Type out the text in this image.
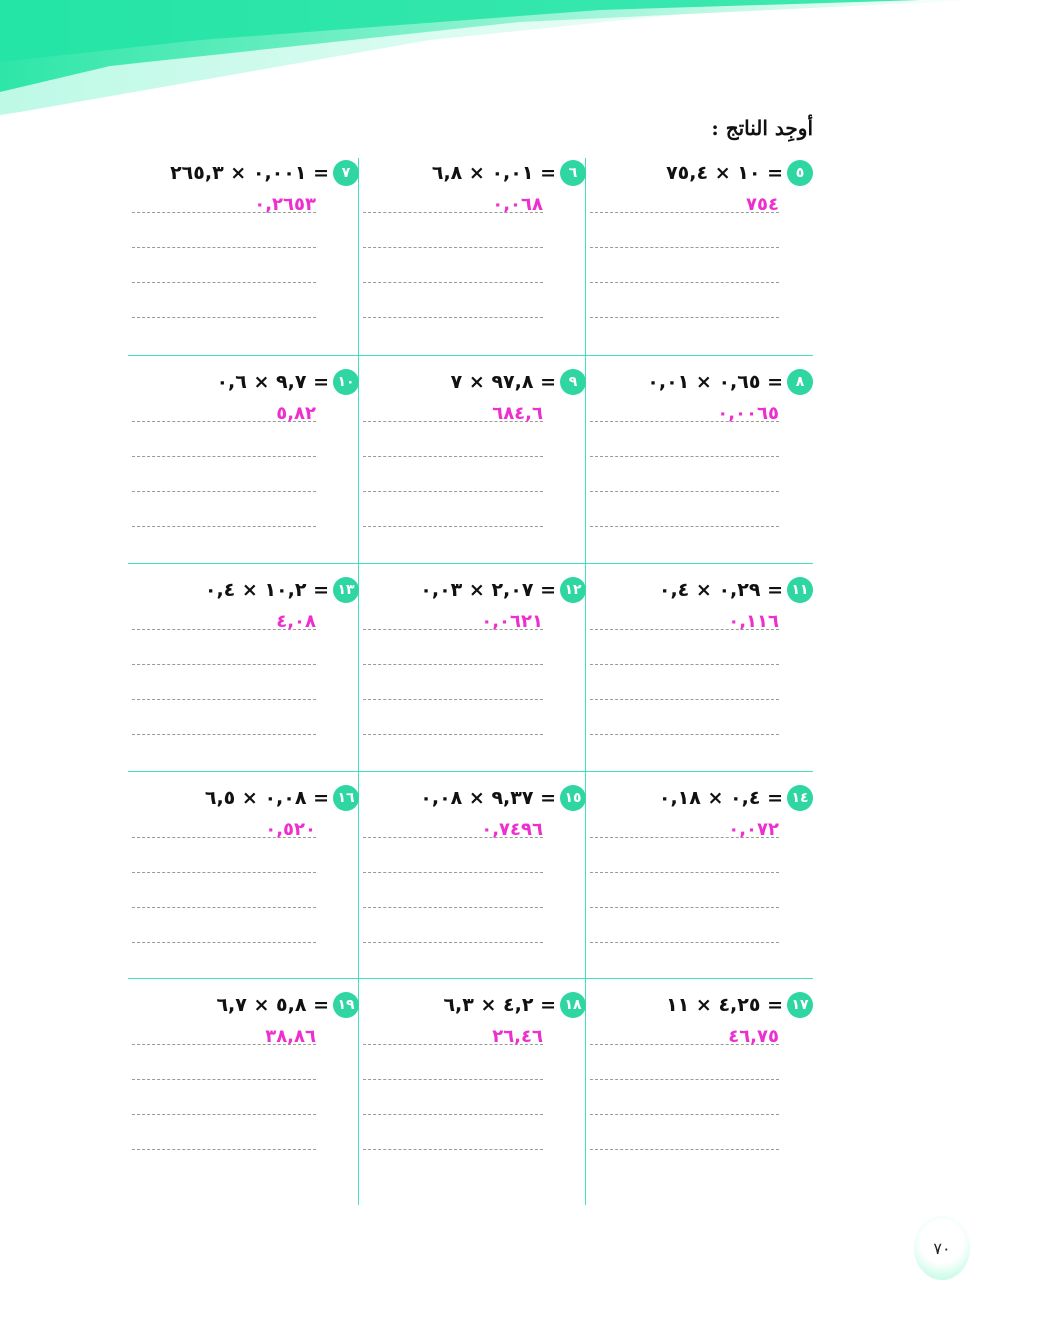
أوجِد الناتج :
٥
١٠ × ٧٥,٤ =
٧٥٤
٦
٠,٠١ × ٦,٨ =
٠,٠٦٨
٧
٠,٠٠١ × ٢٦٥,٣ =
٠,٢٦٥٣
٨
٠,٦٥ × ٠,٠١ =
٠,٠٠٦٥
٩
٩٧,٨ × ٧ =
٦٨٤,٦
١٠
٩,٧ × ٠,٦ =
٥,٨٢
١١
٠,٢٩ × ٠,٤ =
٠,١١٦
١٢
٢,٠٧ × ٠,٠٣ =
٠,٠٦٢١
١٣
١٠,٢ × ٠,٤ =
٤,٠٨
١٤
٠,٤ × ٠,١٨ =
٠,٠٧٢
١٥
٩,٣٧ × ٠,٠٨ =
٠,٧٤٩٦
١٦
٠,٠٨ × ٦,٥ =
٠,٥٢٠
١٧
٤,٢٥ × ١١ =
٤٦,٧٥
١٨
٤,٢ × ٦,٣ =
٢٦,٤٦
١٩
٥,٨ × ٦,٧ =
٣٨,٨٦
٧٠
